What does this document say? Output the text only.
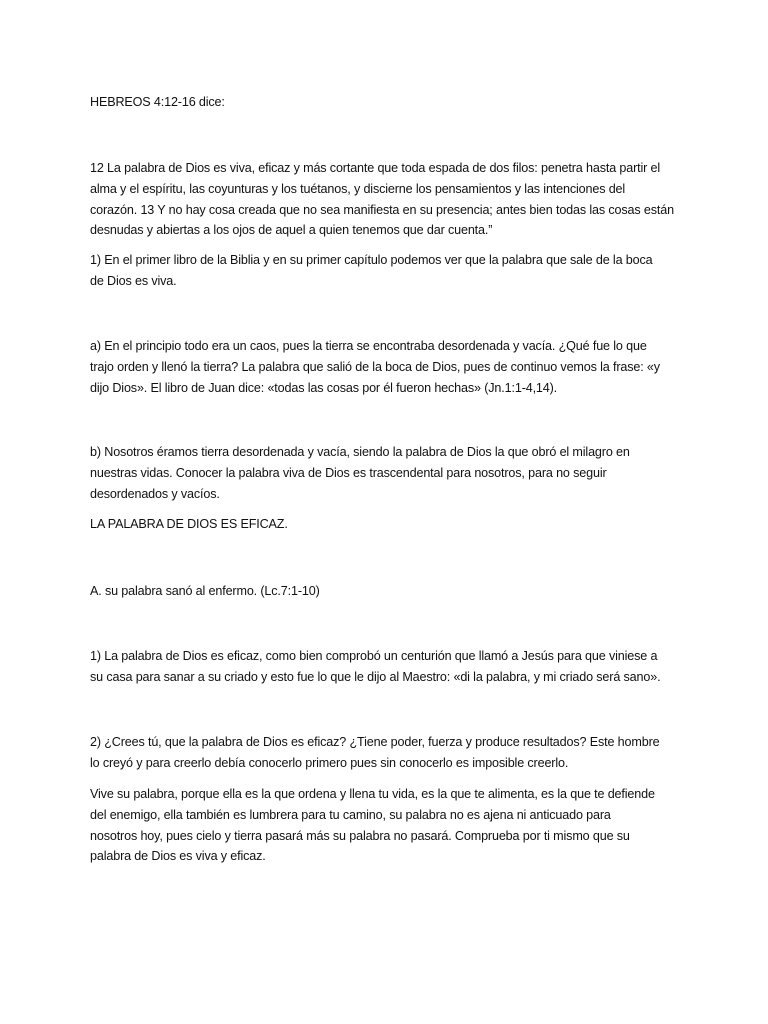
HEBREOS 4:12-16 dice:

12 La palabra de Dios es viva, eficaz y más cortante que toda espada de dos filos: penetra hasta partir el
alma y el espíritu, las coyunturas y los tuétanos, y discierne los pensamientos y las intenciones del
corazón. 13 Y no hay cosa creada que no sea manifiesta en su presencia; antes bien todas las cosas están
desnudas y abiertas a los ojos de aquel a quien tenemos que dar cuenta.”

1) En el primer libro de la Biblia y en su primer capítulo podemos ver que la palabra que sale de la boca
de Dios es viva.

a) En el principio todo era un caos, pues la tierra se encontraba desordenada y vacía. ¿Qué fue lo que
trajo orden y llenó la tierra? La palabra que salió de la boca de Dios, pues de continuo vemos la frase: «y
dijo Dios». El libro de Juan dice: «todas las cosas por él fueron hechas» (Jn.1:1-4,14).

b) Nosotros éramos tierra desordenada y vacía, siendo la palabra de Dios la que obró el milagro en
nuestras vidas. Conocer la palabra viva de Dios es trascendental para nosotros, para no seguir
desordenados y vacíos.

LA PALABRA DE DIOS ES EFICAZ.

A. su palabra sanó al enfermo. (Lc.7:1-10)

1) La palabra de Dios es eficaz, como bien comprobó un centurión que llamó a Jesús para que viniese a
su casa para sanar a su criado y esto fue lo que le dijo al Maestro: «di la palabra, y mi criado será sano».

2) ¿Crees tú, que la palabra de Dios es eficaz? ¿Tiene poder, fuerza y produce resultados? Este hombre
lo creyó y para creerlo debía conocerlo primero pues sin conocerlo es imposible creerlo.

Vive su palabra, porque ella es la que ordena y llena tu vida, es la que te alimenta, es la que te defiende
del enemigo, ella también es lumbrera para tu camino, su palabra no es ajena ni anticuado para
nosotros hoy, pues cielo y tierra pasará más su palabra no pasará. Comprueba por ti mismo que su
palabra de Dios es viva y eficaz.
